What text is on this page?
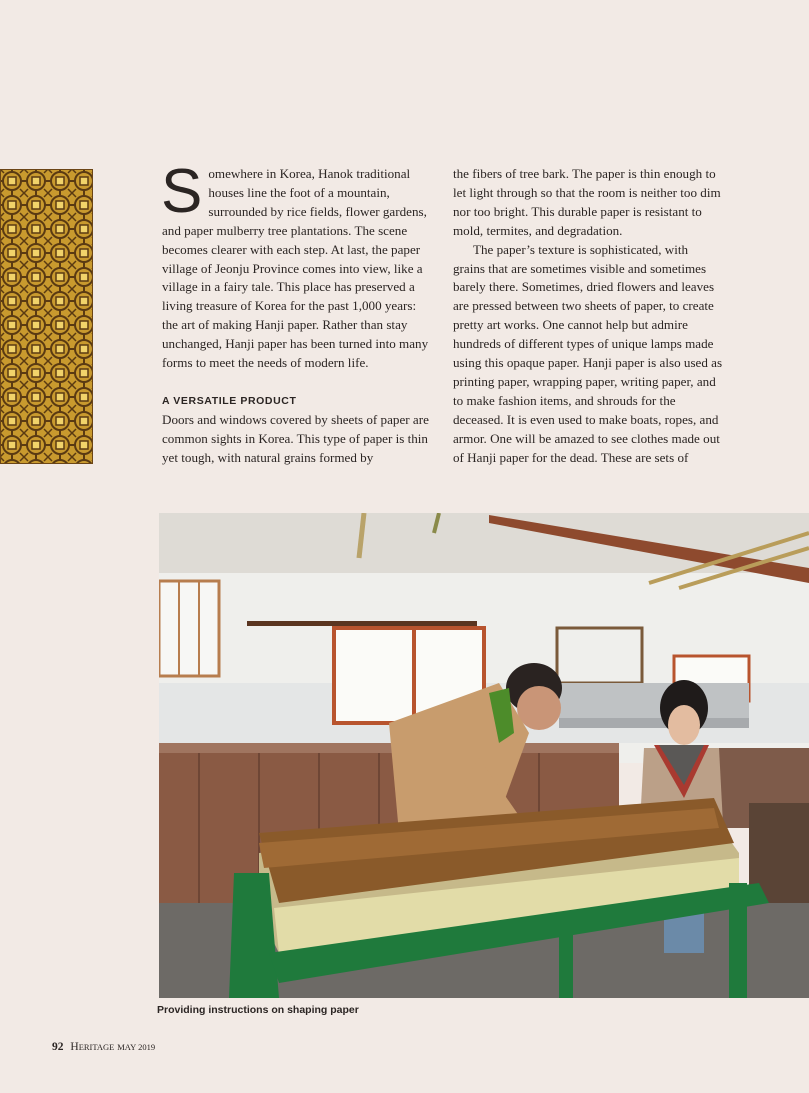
Somewhere in Korea, Hanok traditional houses line the foot of a mountain, surrounded by rice fields, flower gardens, and paper mulberry tree plantations. The scene becomes clearer with each step. At last, the paper village of Jeonju Province comes into view, like a village in a fairy tale. This place has preserved a living treasure of Korea for the past 1,000 years: the art of making Hanji paper. Rather than stay unchanged, Hanji paper has been turned into many forms to meet the needs of modern life.

A VERSATILE PRODUCT

Doors and windows covered by sheets of paper are common sights in Korea. This type of paper is thin yet tough, with natural grains formed by

the fibers of tree bark. The paper is thin enough to let light through so that the room is neither too dim nor too bright. This durable paper is resistant to mold, termites, and degradation.

The paper’s texture is sophisticated, with grains that are sometimes visible and sometimes barely there. Sometimes, dried flowers and leaves are pressed between two sheets of paper, to create pretty art works. One cannot help but admire hundreds of different types of unique lamps made using this opaque paper. Hanji paper is also used as printing paper, wrapping paper, writing paper, and to make fashion items, and shrouds for the deceased. It is even used to make boats, ropes, and armor. One will be amazed to see clothes made out of Hanji paper for the dead. These are sets of

Providing instructions on shaping paper
92 HERITAGE MAY 2019
